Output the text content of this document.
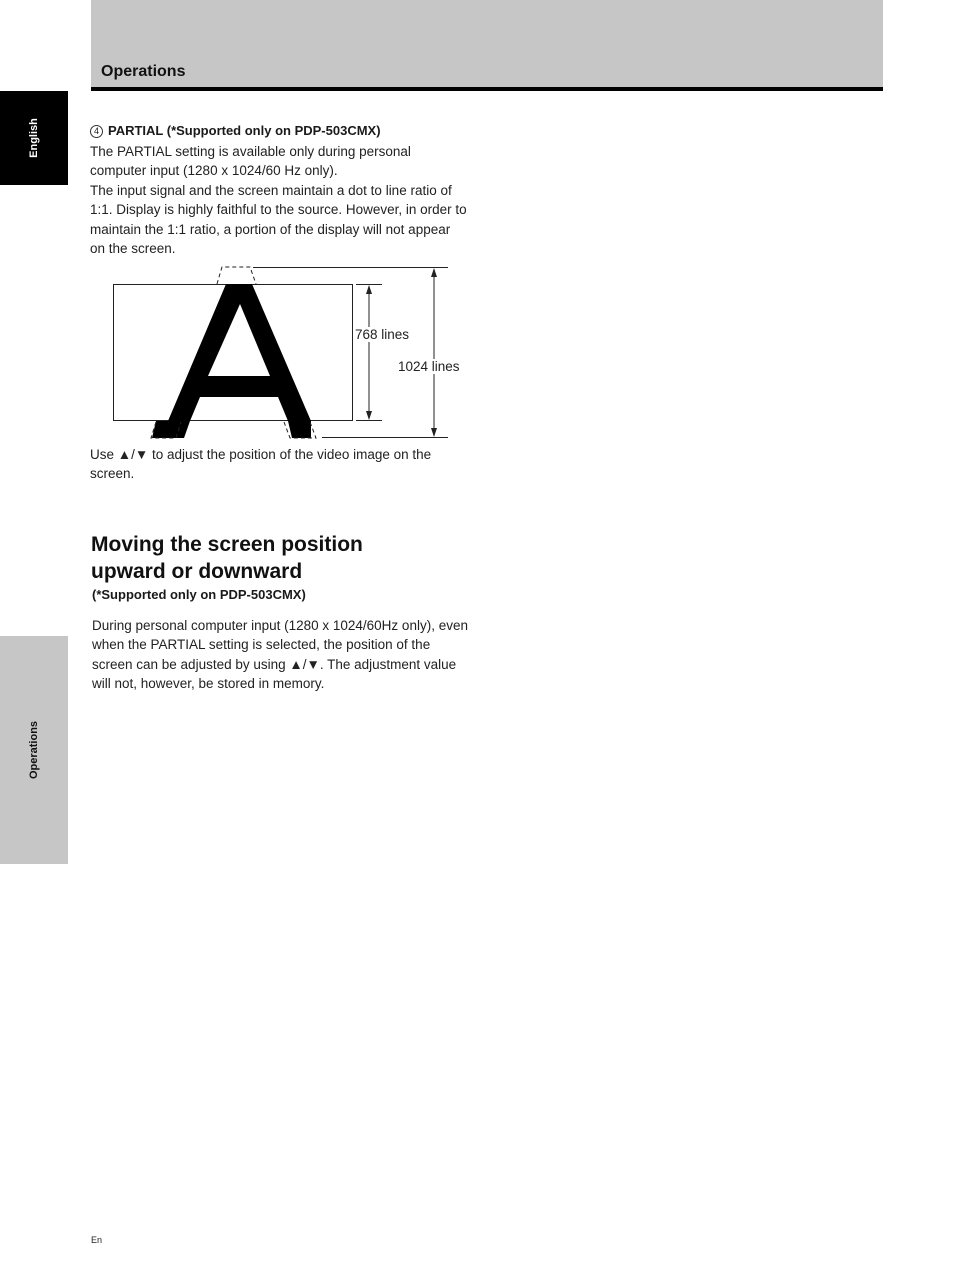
Operations
English
Operations
4 PARTIAL (*Supported only on PDP-503CMX)

The PARTIAL setting is available only during personal computer input (1280 x 1024/60 Hz only).

The input signal and the screen maintain a dot to line ratio of 1:1. Display is highly faithful to the source. However, in order to maintain the 1:1 ratio, a portion of the display will not appear on the screen.

768 lines
1024 lines

Use ▲/▼ to adjust the position of the video image on the screen.

Moving the screen position
upward or downward
(*Supported only on PDP-503CMX)

During personal computer input (1280 x 1024/60Hz only), even when the PARTIAL setting is selected, the position of the screen can be adjusted by using ▲/▼. The adjustment value will not, however, be stored in memory.

En
